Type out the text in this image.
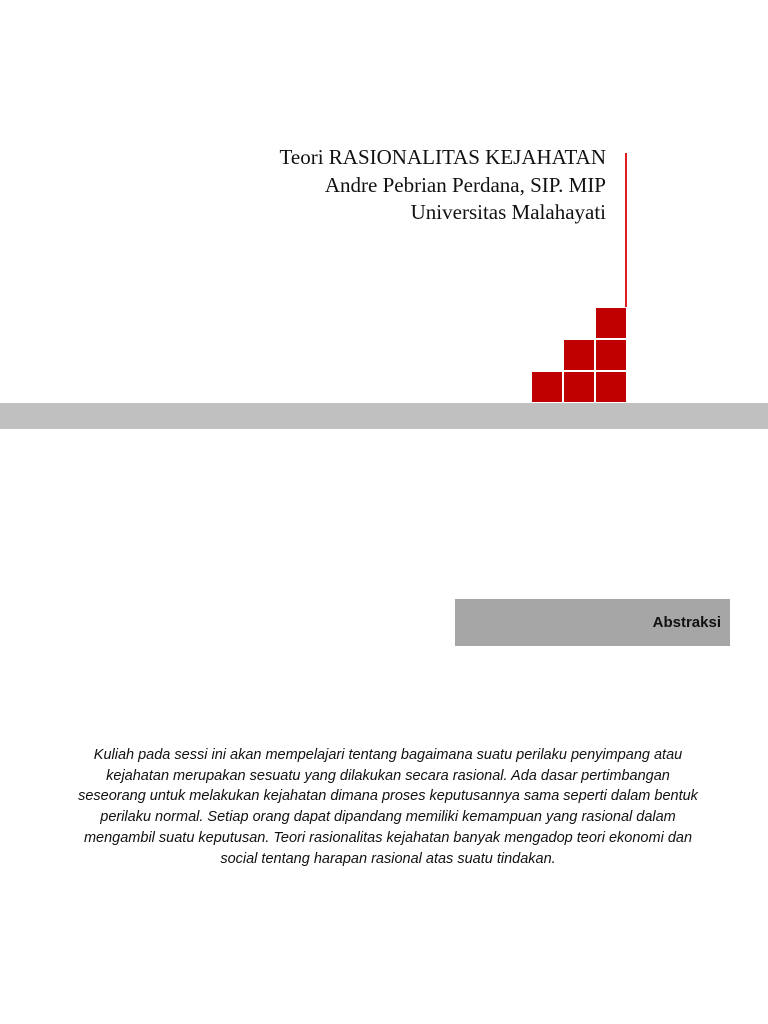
Teori RASIONALITAS KEJAHATAN
Andre Pebrian Perdana, SIP. MIP
Universitas Malahayati
Abstraksi
Kuliah pada sessi ini akan mempelajari tentang bagaimana suatu perilaku penyimpang atau
kejahatan merupakan sesuatu yang dilakukan secara rasional. Ada dasar pertimbangan
seseorang untuk melakukan kejahatan dimana proses keputusannya sama seperti dalam bentuk
perilaku normal. Setiap orang dapat dipandang memiliki kemampuan yang rasional dalam
mengambil suatu keputusan. Teori rasionalitas kejahatan banyak mengadop teori ekonomi dan
social tentang harapan rasional atas suatu tindakan.
